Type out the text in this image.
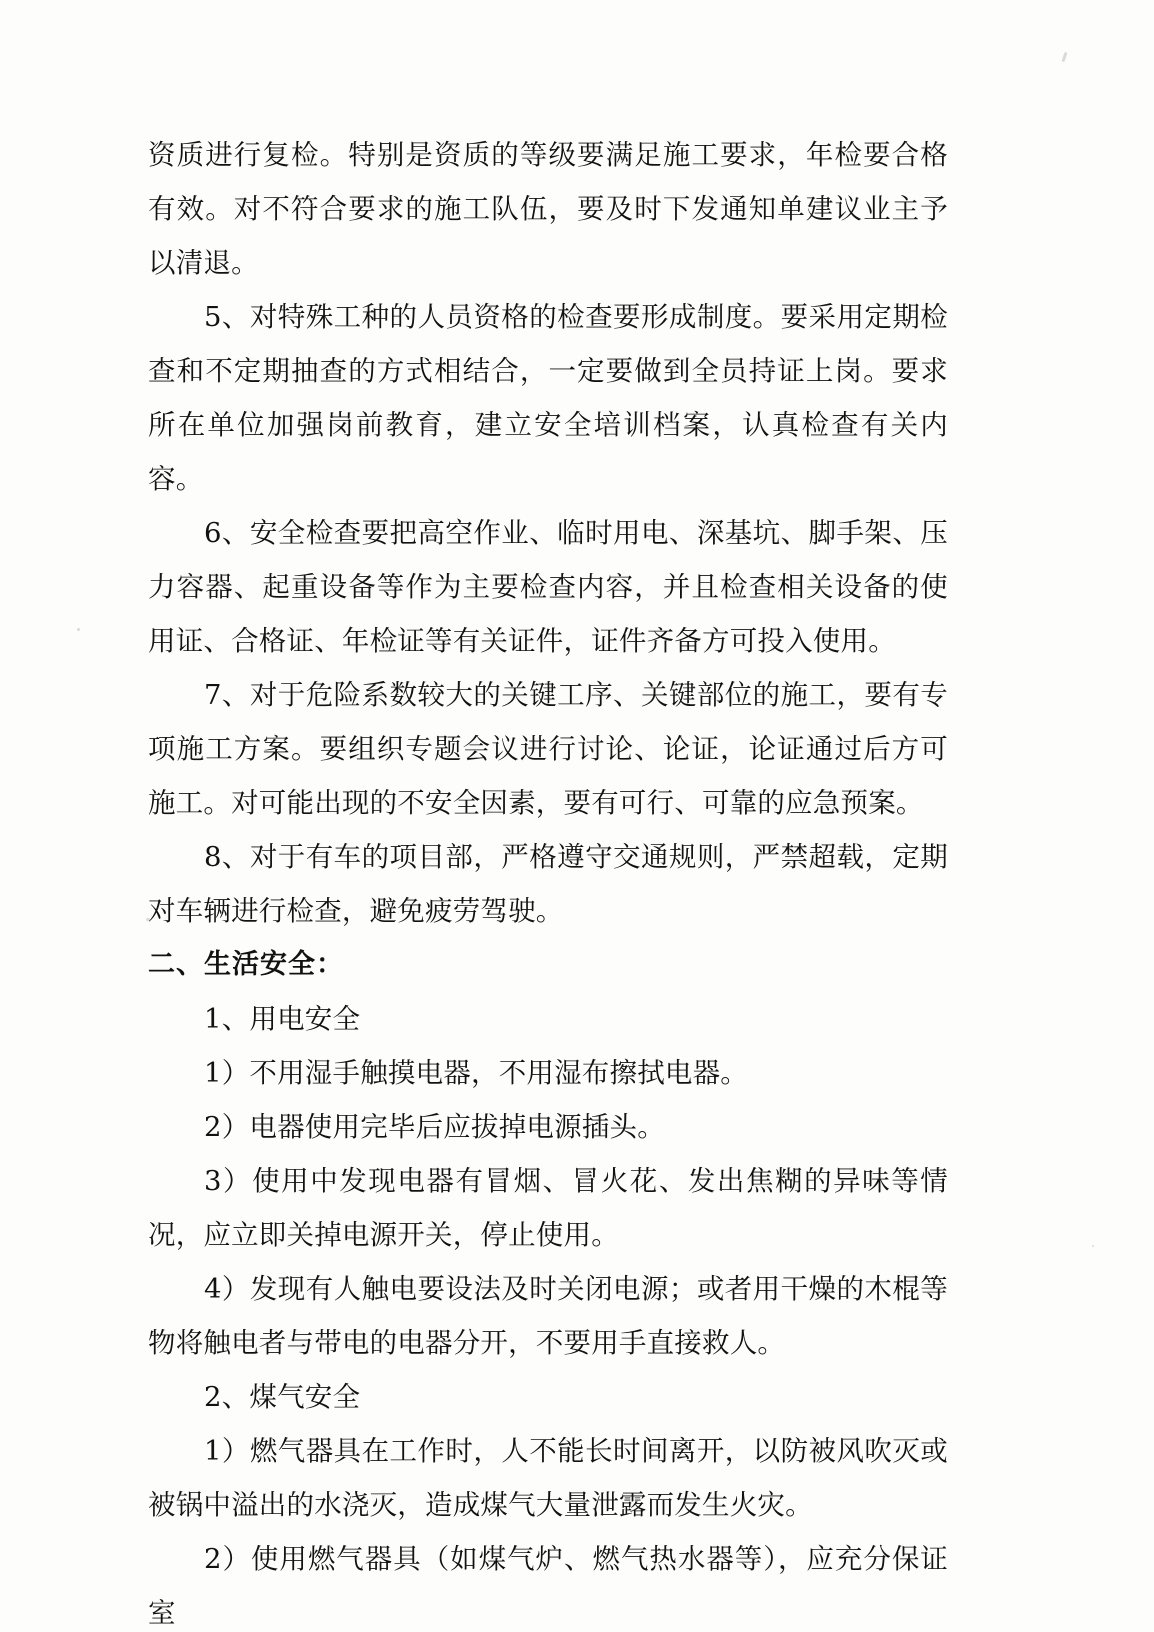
资质进行复检。特别是资质的等级要满足施工要求，年检要合格有效。对不符合要求的施工队伍，要及时下发通知单建议业主予以清退。

5、对特殊工种的人员资格的检查要形成制度。要采用定期检查和不定期抽查的方式相结合，一定要做到全员持证上岗。要求所在单位加强岗前教育，建立安全培训档案，认真检查有关内容。

6、安全检查要把高空作业、临时用电、深基坑、脚手架、压力容器、起重设备等作为主要检查内容，并且检查相关设备的使用证、合格证、年检证等有关证件，证件齐备方可投入使用。

7、对于危险系数较大的关键工序、关键部位的施工，要有专项施工方案。要组织专题会议进行讨论、论证，论证通过后方可施工。对可能出现的不安全因素，要有可行、可靠的应急预案。

8、对于有车的项目部，严格遵守交通规则，严禁超载，定期对车辆进行检查，避免疲劳驾驶。

二、生活安全：

1、用电安全

1）不用湿手触摸电器，不用湿布擦拭电器。

2）电器使用完毕后应拔掉电源插头。

3）使用中发现电器有冒烟、冒火花、发出焦糊的异味等情况，应立即关掉电源开关，停止使用。

4）发现有人触电要设法及时关闭电源；或者用干燥的木棍等物将触电者与带电的电器分开，不要用手直接救人。

2、煤气安全

1）燃气器具在工作时，人不能长时间离开，以防被风吹灭或被锅中溢出的水浇灭，造成煤气大量泄露而发生火灾。

2）使用燃气器具（如煤气炉、燃气热水器等），应充分保证室
